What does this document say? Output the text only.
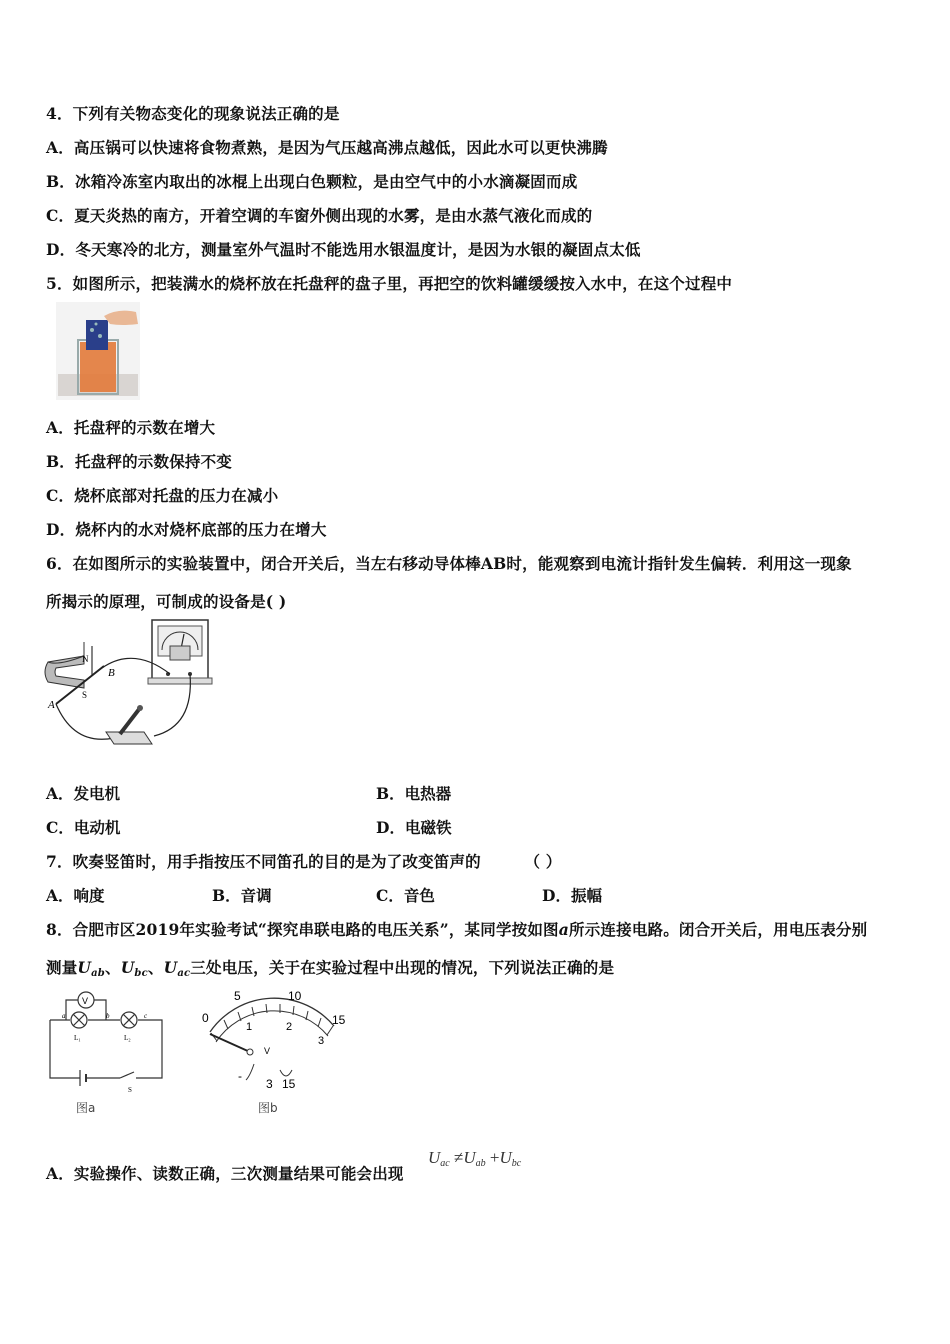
4．下列有关物态变化的现象说法正确的是
A．高压锅可以快速将食物煮熟，是因为气压越高沸点越低，因此水可以更快沸腾
B．冰箱冷冻室内取出的冰棍上出现白色颗粒，是由空气中的小水滴凝固而成
C．夏天炎热的南方，开着空调的车窗外侧出现的水雾，是由水蒸气液化而成的
D．冬天寒冷的北方，测量室外气温时不能选用水银温度计，是因为水银的凝固点太低
5．如图所示，把装满水的烧杯放在托盘秤的盘子里，再把空的饮料罐缓缓按入水中，在这个过程中
A．托盘秤的示数在增大
B．托盘秤的示数保持不变
C．烧杯底部对托盘的压力在减小
D．烧杯内的水对烧杯底部的压力在增大
6．在如图所示的实验装置中，闭合开关后，当左右移动导体棒AB时，能观察到电流计指针发生偏转．利用这一现象
所揭示的原理，可制成的设备是( )
N
S
A
B
A．发电机	B．电热器
C．电动机	D．电磁铁
7．吹奏竖笛时，用手指按压不同笛孔的目的是为了改变笛声的	（ ）
A．响度	B．音调	C．音色	D．振幅
8．合肥市区2019年实验考试“探究串联电路的电压关系”，某同学按如图a所示连接电路。闭合开关后，用电压表分别
测量$U_{ab}$、$U_{bc}$、$U_{ac}$三处电压，关于在实验过程中出现的情况，下列说法正确的是
V
a	b	c
L₁	L₂
S
图a
0
5	10
15
1	2
3
V
-
3 15
图b
A．实验操作、读数正确，三次测量结果可能会出现
$U_{ac} \ne U_{ab} +U_{bc}$
